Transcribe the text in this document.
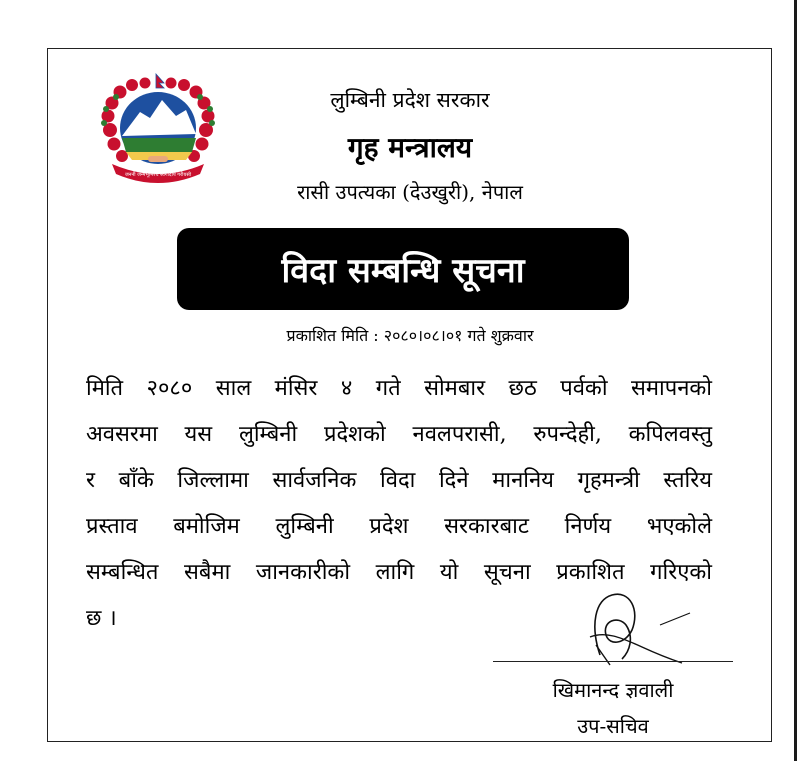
जननी जन्मभूमिश्च स्वर्गादपि गरीयसी
लुम्बिनी प्रदेश सरकार
गृह मन्त्रालय
रासी उपत्यका (देउखुरी), नेपाल
विदा सम्बन्धि सूचना
प्रकाशित मिति : २०८०।०८।०१ गते शुक्रवार
मिति २०८० साल मंसिर ४ गते सोमबार छठ पर्वको समापनको
अवसरमा यस लुम्बिनी प्रदेशको नवलपरासी, रुपन्देही, कपिलवस्तु
र बाँके जिल्लामा सार्वजनिक विदा दिने माननिय गृहमन्त्री स्तरिय
प्रस्ताव बमोजिम लुम्बिनी प्रदेश सरकारबाट निर्णय भएकोले
सम्बन्धित सबैमा जानकारीको लागि यो सूचना प्रकाशित गरिएको
छ ।
खिमानन्द ज्ञवाली
उप-सचिव
